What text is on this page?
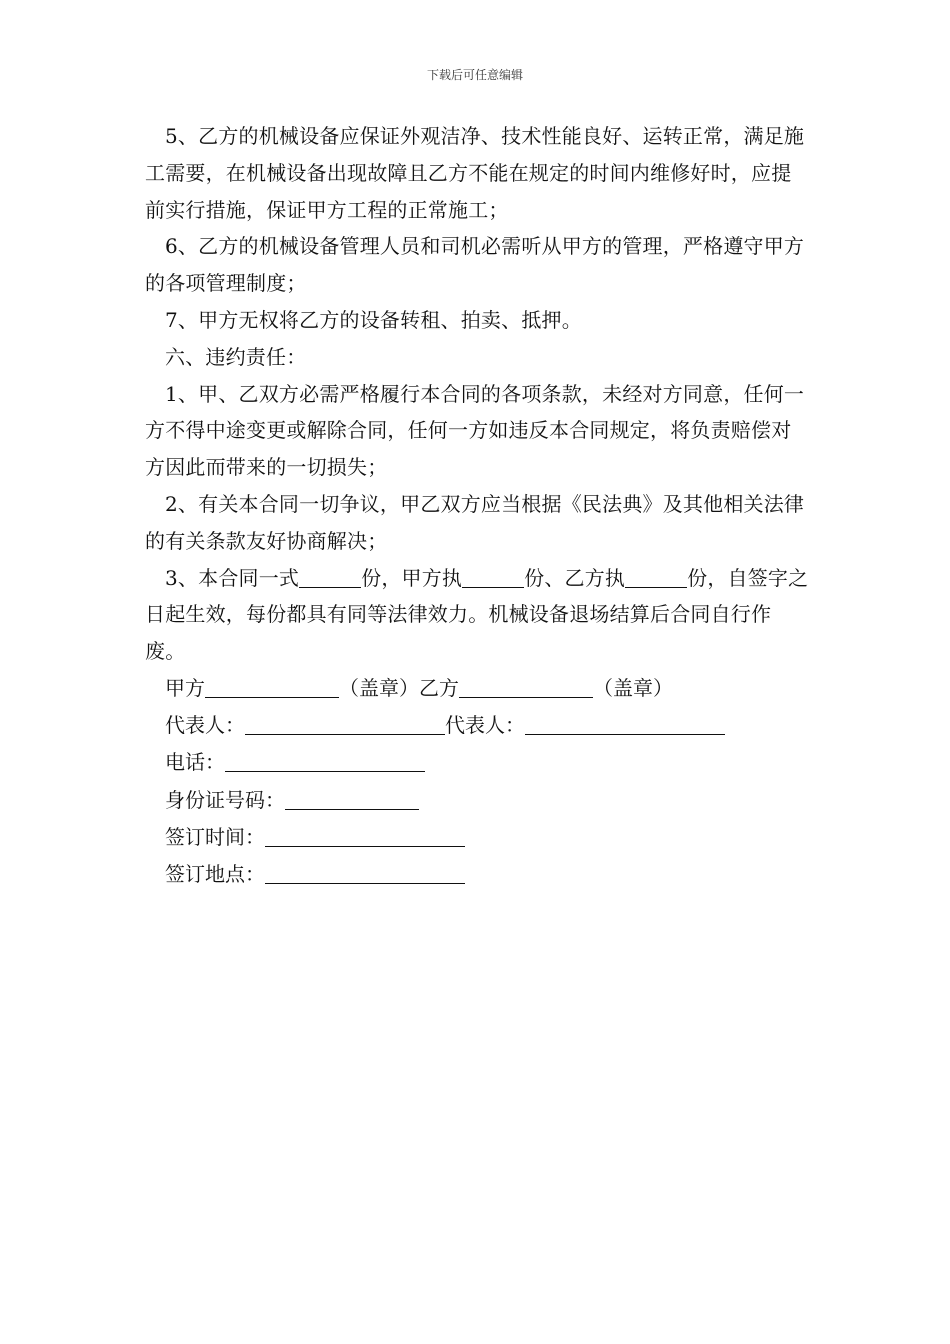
下载后可任意编辑

5、乙方的机械设备应保证外观洁净、技术性能良好、运转正常，满足施工需要，在机械设备出现故障且乙方不能在规定的时间内维修好时，应提前实行措施，保证甲方工程的正常施工；

6、乙方的机械设备管理人员和司机必需听从甲方的管理，严格遵守甲方的各项管理制度；

7、甲方无权将乙方的设备转租、拍卖、抵押。

六、违约责任：

1、甲、乙双方必需严格履行本合同的各项条款，未经对方同意，任何一方不得中途变更或解除合同，任何一方如违反本合同规定，将负责赔偿对方因此而带来的一切损失；

2、有关本合同一切争议，甲乙双方应当根据《民法典》及其他相关法律的有关条款友好协商解决；

3、本合同一式	份，甲方执	份、乙方执	份，自签字之日起生效，每份都具有同等法律效力。机械设备退场结算后合同自行作废。

甲方	（盖章）乙方	（盖章）

代表人：	代表人：

电话：

身份证号码：

签订时间：

签订地点：
